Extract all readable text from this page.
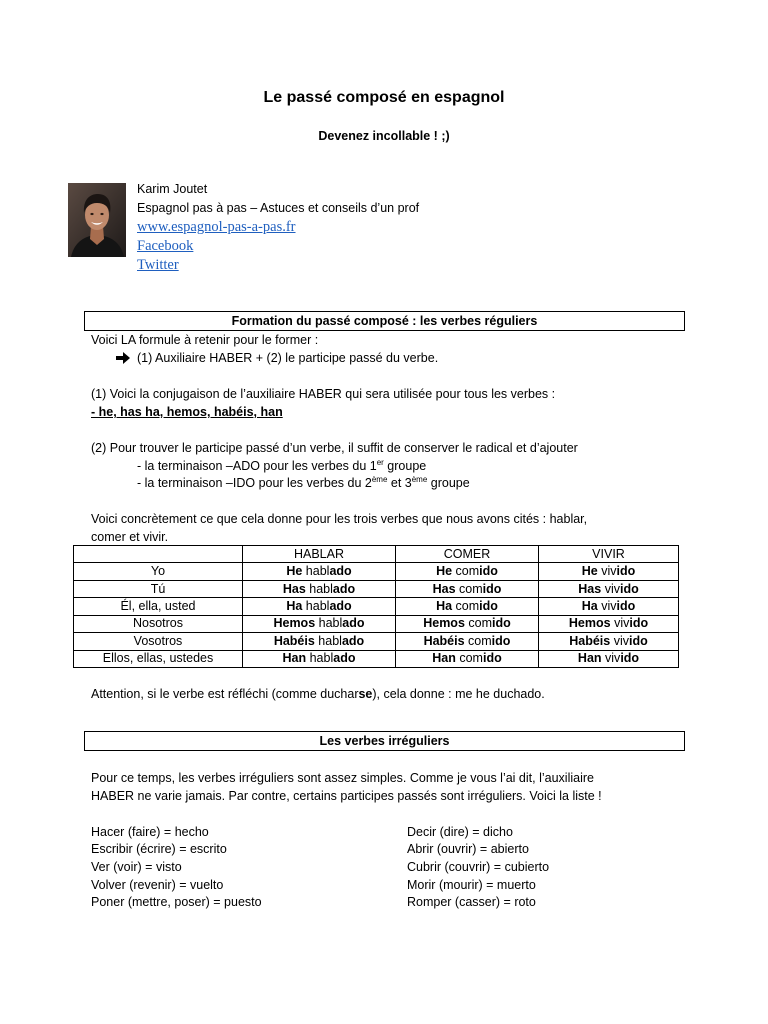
Le passé composé en espagnol
Devenez incollable ! ;)
Karim Joutet
Espagnol pas à pas – Astuces et conseils d’un prof
www.espagnol-pas-a-pas.fr
Facebook
Twitter
Formation du passé composé : les verbes réguliers
Voici LA formule à retenir pour le former :
(1) Auxiliaire HABER + (2) le participe passé du verbe.
(1) Voici la conjugaison de l’auxiliaire HABER qui sera utilisée pour tous les verbes :
- he, has ha, hemos, habéis, han
(2) Pour trouver le participe passé d’un verbe, il suffit de conserver le radical et d’ajouter
- la terminaison –ADO pour les verbes du 1er groupe
- la terminaison –IDO pour les verbes du 2ème et 3ème groupe
Voici concrètement ce que cela donne pour les trois verbes que nous avons cités : hablar,
comer et vivir.
	HABLAR	COMER	VIVIR
Yo	He hablado	He comido	He vivido
Tú	Has hablado	Has comido	Has vivido
Él, ella, usted	Ha hablado	Ha comido	Ha vivido
Nosotros	Hemos hablado	Hemos comido	Hemos vivido
Vosotros	Habéis hablado	Habéis comido	Habéis vivido
Ellos, ellas, ustedes	Han hablado	Han comido	Han vivido
Attention, si le verbe est réfléchi (comme ducharse), cela donne : me he duchado.
Les verbes irréguliers
Pour ce temps, les verbes irréguliers sont assez simples. Comme je vous l’ai dit, l’auxiliaire
HABER ne varie jamais. Par contre, certains participes passés sont irréguliers. Voici la liste !
Hacer (faire) = hecho
Escribir (écrire) = escrito
Ver (voir) = visto
Volver (revenir) = vuelto
Poner (mettre, poser) = puesto
Decir (dire) = dicho
Abrir (ouvrir) = abierto
Cubrir (couvrir) = cubierto
Morir (mourir) = muerto
Romper (casser) = roto
